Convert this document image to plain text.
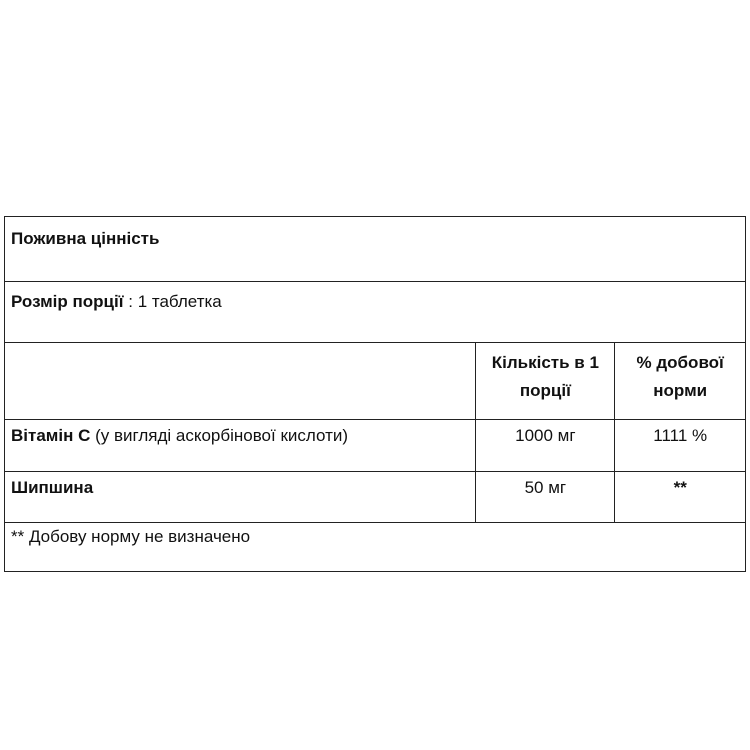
Поживна цінність		
Розмір порції : 1 таблетка		
	Кількість в 1 порції	% добової норми
Вітамін С (у вигляді аскорбінової кислоти)	1000 мг	1111 %
Шипшина	50 мг	**
** Добову норму не визначено		
